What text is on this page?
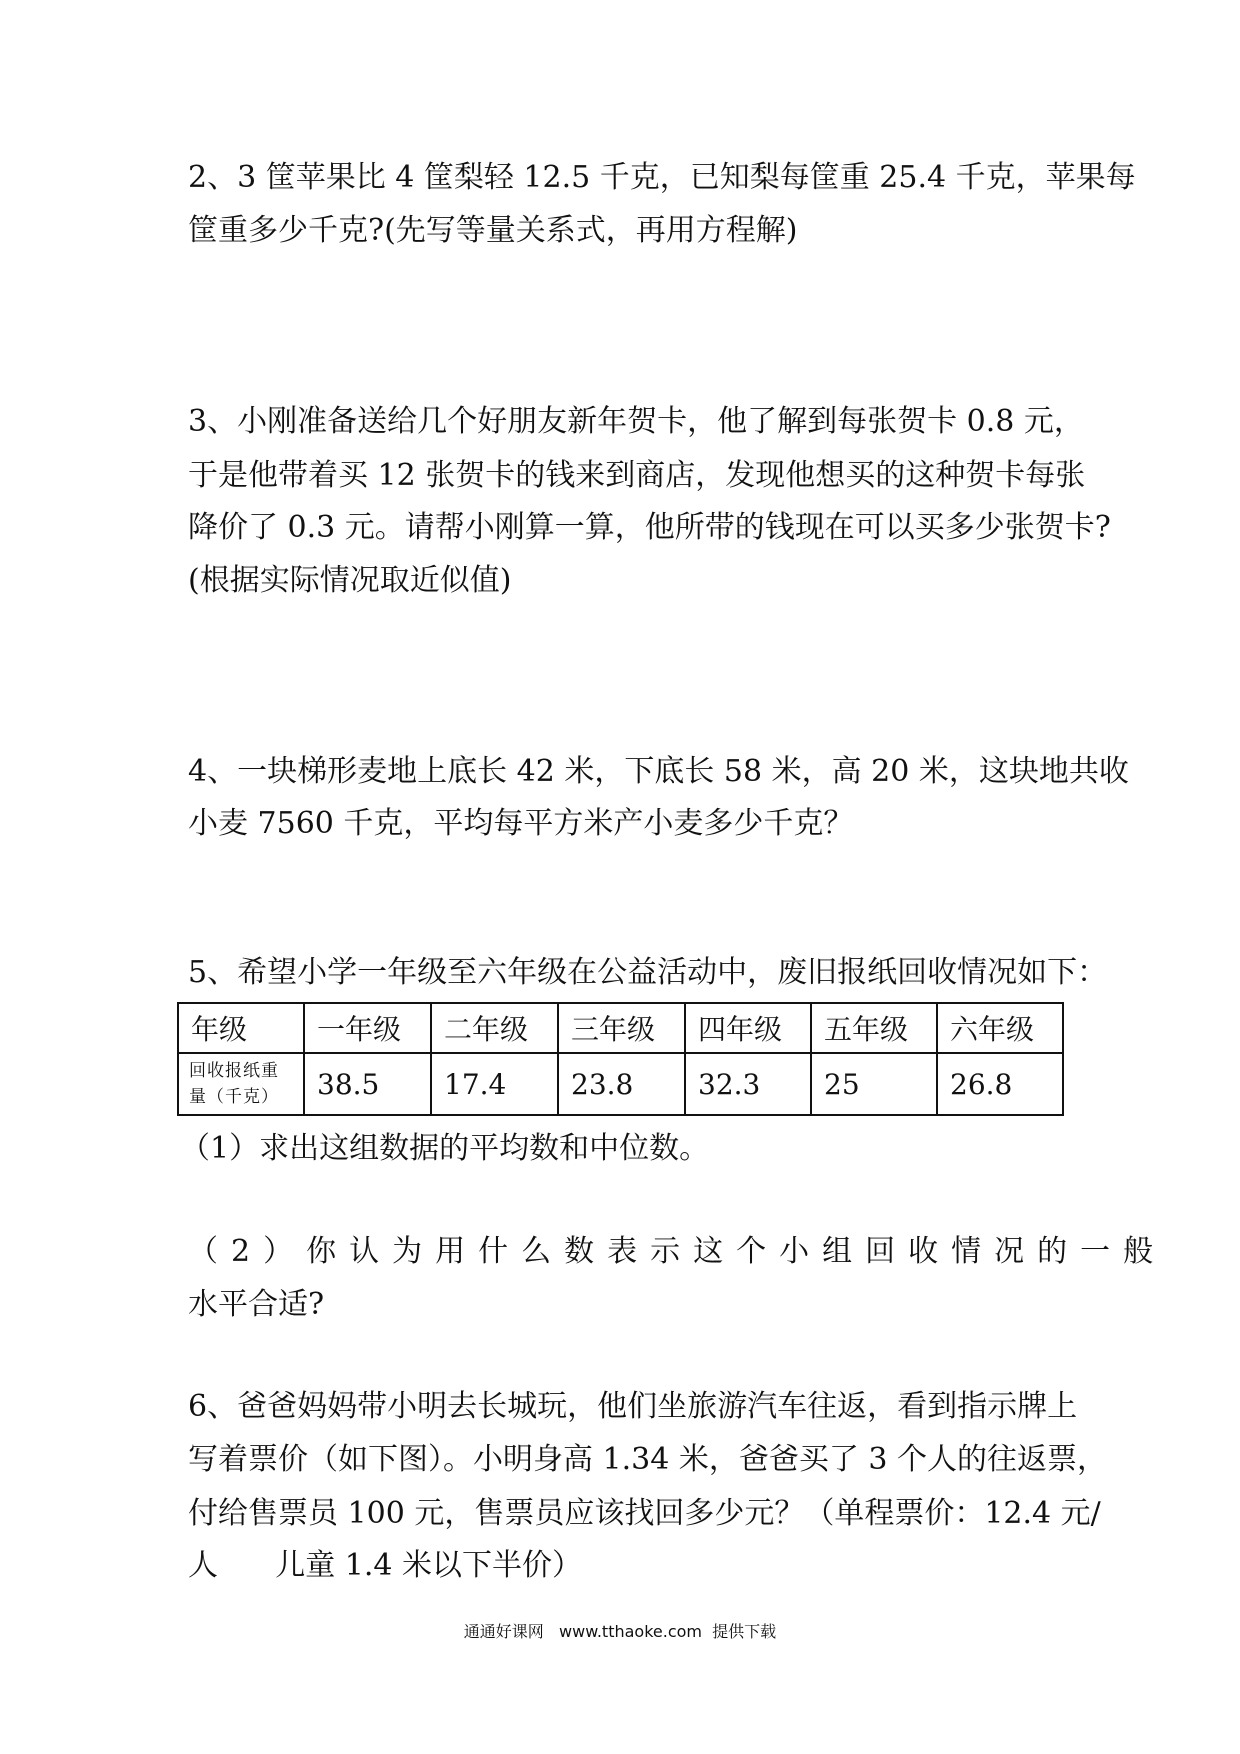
2、3 筐苹果比 4 筐梨轻 12.5 千克，已知梨每筐重 25.4 千克，苹果每
筐重多少千克?(先写等量关系式，再用方程解)
3、小刚准备送给几个好朋友新年贺卡，他了解到每张贺卡 0.8 元，
于是他带着买 12 张贺卡的钱来到商店，发现他想买的这种贺卡每张
降价了 0.3 元。请帮小刚算一算，他所带的钱现在可以买多少张贺卡?
(根据实际情况取近似值)
4、一块梯形麦地上底长 42 米，下底长 58 米，高 20 米，这块地共收
小麦 7560 千克，平均每平方米产小麦多少千克？
5、希望小学一年级至六年级在公益活动中，废旧报纸回收情况如下：
年级	一年级	二年级	三年级	四年级	五年级	六年级

回收报纸重
量（千克）	38.5	17.4	23.8	32.3	25	26.8
（1）求出这组数据的平均数和中位数。
（2）你认为用什么数表示这个小组回收情况的一般
水平合适?
6、爸爸妈妈带小明去长城玩，他们坐旅游汽车往返，看到指示牌上
写着票价（如下图）。小明身高 1.34 米，爸爸买了 3 个人的往返票，
付给售票员 100 元，售票员应该找回多少元？（单程票价：12.4 元/
人      儿童 1.4 米以下半价）
通通好课网   www.tthaoke.com  提供下载
